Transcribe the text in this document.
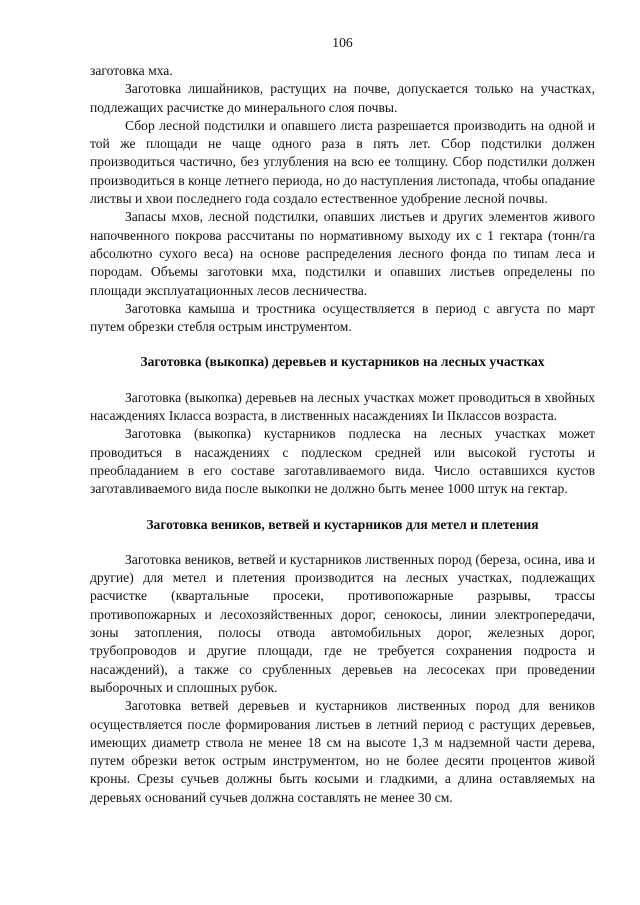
106

заготовка мха.

Заготовка лишайников, растущих на почве, допускается только на участках, подлежащих расчистке до минерального слоя почвы.

Сбор лесной подстилки и опавшего листа разрешается производить на одной и той же площади не чаще одного раза в пять лет. Сбор подстилки должен производиться частично, без углубления на всю ее толщину. Сбор подстилки должен производиться в конце летнего периода, но до наступления листопада, чтобы опадание листвы и хвои последнего года создало естественное удобрение лесной почвы.

Запасы мхов, лесной подстилки, опавших листьев и других элементов живого напочвенного покрова рассчитаны по нормативному выходу их с 1 гектара (тонн/га абсолютно сухого веса) на основе распределения лесного фонда по типам леса и породам. Объемы заготовки мха, подстилки и опавших листьев определены по площади эксплуатационных лесов лесничества.

Заготовка камыша и тростника осуществляется в период с августа по март путем обрезки стебля острым инструментом.

Заготовка (выкопка) деревьев и кустарников на лесных участках

Заготовка (выкопка) деревьев на лесных участках может проводиться в хвойных насаждениях Iкласса возраста, в лиственных насаждениях Iи IIклассов возраста.

Заготовка (выкопка) кустарников подлеска на лесных участках может проводиться в насаждениях с подлеском средней или высокой густоты и преобладанием в его составе заготавливаемого вида. Число оставшихся кустов заготавливаемого вида после выкопки не должно быть менее 1000 штук на гектар.

Заготовка веников, ветвей и кустарников для метел и плетения

Заготовка веников, ветвей и кустарников лиственных пород (береза, осина, ива и другие) для метел и плетения производится на лесных участках, подлежащих расчистке (квартальные просеки, противопожарные разрывы, трассы противопожарных и лесохозяйственных дорог, сенокосы, линии электропередачи, зоны затопления, полосы отвода автомобильных дорог, железных дорог, трубопроводов и другие площади, где не требуется сохранения подроста и насаждений), а также со срубленных деревьев на лесосеках при проведении выборочных и сплошных рубок.

Заготовка ветвей деревьев и кустарников лиственных пород для веников осуществляется после формирования листьев в летний период с растущих деревьев, имеющих диаметр ствола не менее 18 см на высоте 1,3 м надземной части дерева, путем обрезки веток острым инструментом, но не более десяти процентов живой кроны. Срезы сучьев должны быть косыми и гладкими, а длина оставляемых на деревьях оснований сучьев должна составлять не менее 30 см.
